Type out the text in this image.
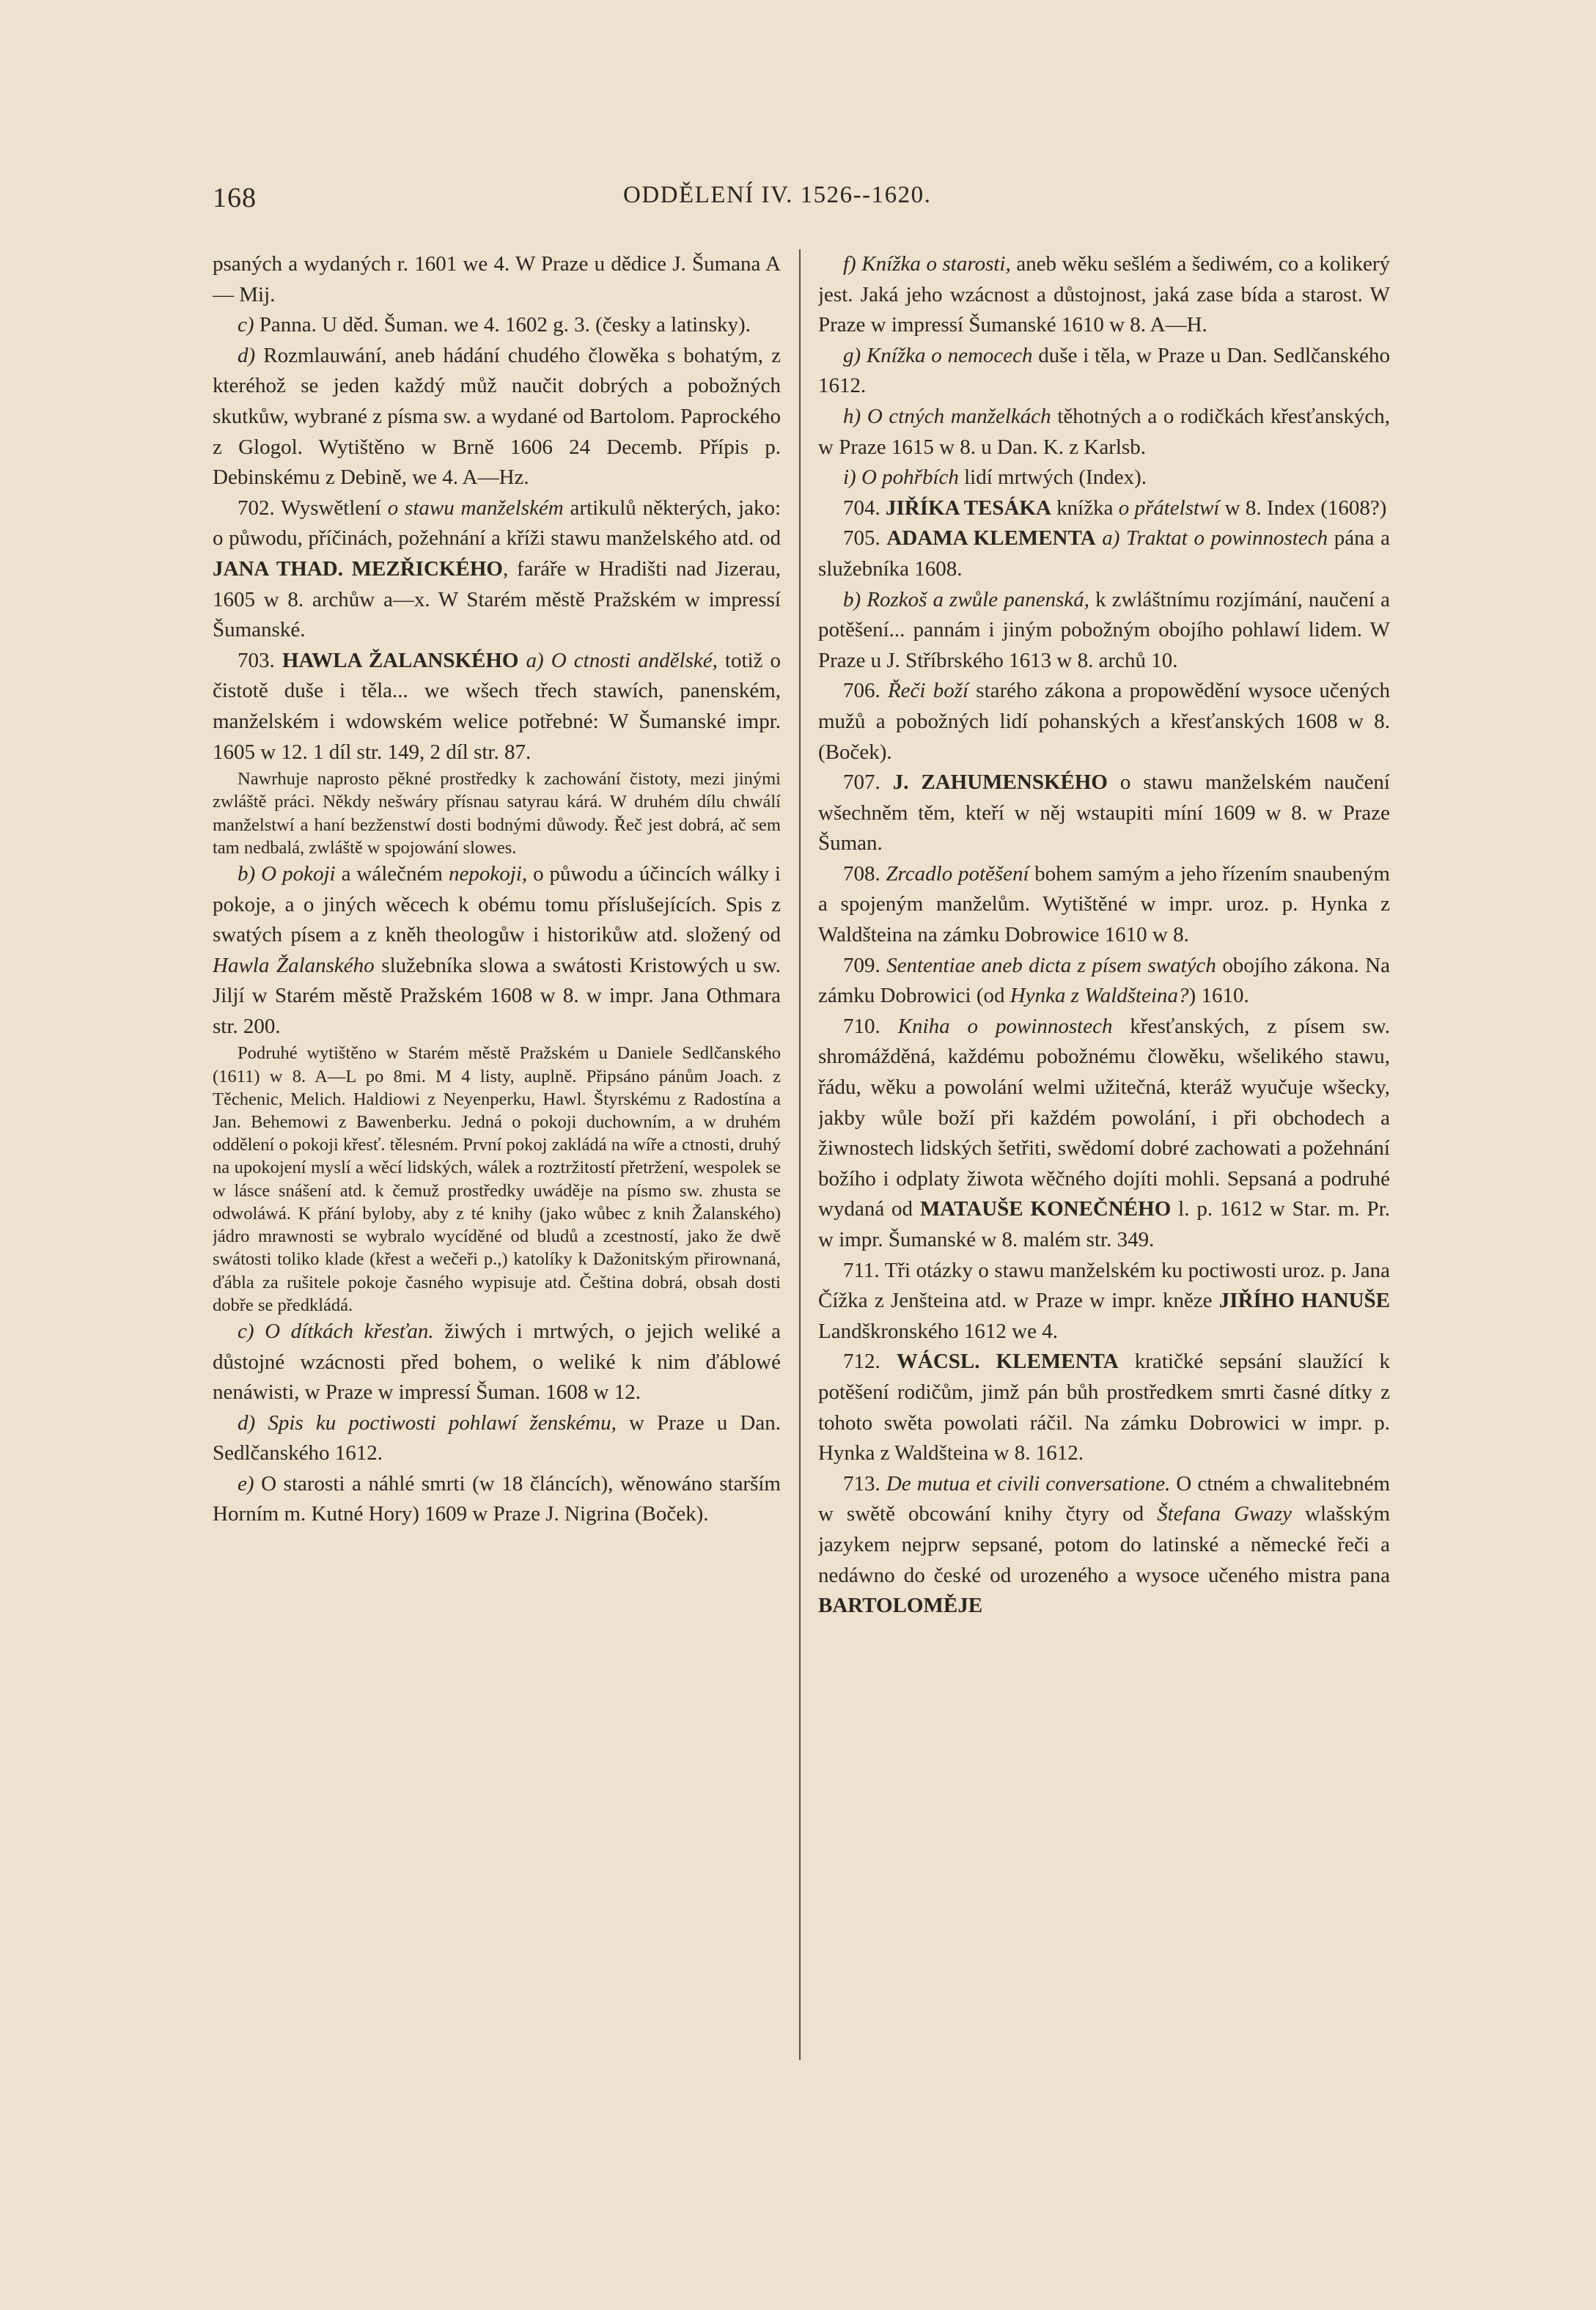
168	ODDĚLENÍ IV. 1526--1620.

psaných a wydaných r. 1601 we 4. W Praze u dědice J. Šumana A — Mij.

c) Panna. U děd. Šuman. we 4. 1602 g. 3. (česky a latinsky).

d) Rozmlauwání, aneb hádání chudého člowěka s bohatým, z kteréhož se jeden každý můž naučit dobrých a pobožných skutkůw, wybrané z písma sw. a wydané od Bartolom. Paprockého z Glogol. Wytištěno w Brně 1606 24 Decemb. Přípis p. Debinskému z Debině, we 4. A—Hz.

702. Wyswětlení o stawu manželském artikulů některých, jako: o půwodu, příčinách, požehnání a kříži stawu manželského atd. od JANA THAD. MEZŘICKÉHO, faráře w Hradišti nad Jizerau, 1605 w 8. archůw a—x. W Starém městě Pražském w impressí Šumanské.

703. HAWLA ŽALANSKÉHO a) O ctnosti andělské, totiž o čistotě duše i těla... we wšech třech stawích, panenském, manželském i wdowském welice potřebné: W Šumanské impr. 1605 w 12. 1 díl str. 149, 2 díl str. 87.

Nawrhuje naprosto pěkné prostředky k zachowání čistoty, mezi jinými zwláště práci. Někdy nešwáry přísnau satyrau kárá. W druhém dílu chwálí manželstwí a haní bezženstwí dosti bodnými důwody. Řeč jest dobrá, ač sem tam nedbalá, zwláště w spojowání slowes.

b) O pokoji a wálečném nepokoji, o půwodu a účincích wálky i pokoje, a o jiných wěcech k obému tomu příslušejících. Spis z swatých písem a z kněh theologůw i historikůw atd. složený od Hawla Žalanského služebníka slowa a swátosti Kristowých u sw. Jiljí w Starém městě Pražském 1608 w 8. w impr. Jana Othmara str. 200.

Podruhé wytištěno w Starém městě Pražském u Daniele Sedlčanského (1611) w 8. A—L po 8mi. M 4 listy, auplně. Připsáno pánům Joach. z Těchenic, Melich. Haldiowi z Neyenperku, Hawl. Štyrskému z Radostína a Jan. Behemowi z Bawenberku. Jedná o pokoji duchowním, a w druhém oddělení o pokoji křesť. tělesném. První pokoj zakládá na wíře a ctnosti, druhý na upokojení myslí a wěcí lidských, wálek a roztržitostí přetržení, wespolek se w lásce snášení atd. k čemuž prostředky uwáděje na písmo sw. zhusta se odwoláwá. K přání byloby, aby z té knihy (jako wůbec z knih Žalanského) jádro mrawnosti se wybralo wycíděné od bludů a zcestností, jako že dwě swátosti toliko klade (křest a wečeři p.,) katolíky k Dažonitským přirownaná, ďábla za rušitele pokoje časného wypisuje atd. Čeština dobrá, obsah dosti dobře se předkládá.

c) O dítkách křesťan. žiwých i mrtwých, o jejich weliké a důstojné wzácnosti před bohem, o weliké k nim ďáblowé nenáwisti, w Praze w impressí Šuman. 1608 w 12.

d) Spis ku poctiwosti pohlawí ženskému, w Praze u Dan. Sedlčanského 1612.

e) O starosti a náhlé smrti (w 18 článcích), wěnowáno starším Horním m. Kutné Hory) 1609 w Praze J. Nigrina (Boček).

f) Knížka o starosti, aneb wěku sešlém a šediwém, co a kolikerý jest. Jaká jeho wzácnost a důstojnost, jaká zase bída a starost. W Praze w impressí Šumanské 1610 w 8. A—H.

g) Knížka o nemocech duše i těla, w Praze u Dan. Sedlčanského 1612.

h) O ctných manželkách těhotných a o rodičkách křesťanských, w Praze 1615 w 8. u Dan. K. z Karlsb.

i) O pohřbích lidí mrtwých (Index).

704. JIŘÍKA TESÁKA knížka o přátelstwí w 8. Index (1608?)

705. ADAMA KLEMENTA a) Traktat o powinnostech pána a služebníka 1608.

b) Rozkoš a zwůle panenská, k zwláštnímu rozjímání, naučení a potěšení... pannám i jiným pobožným obojího pohlawí lidem. W Praze u J. Stříbrského 1613 w 8. archů 10.

706. Řeči boží starého zákona a propowědění wysoce učených mužů a pobožných lidí pohanských a křesťanských 1608 w 8. (Boček).

707. J. ZAHUMENSKÉHO o stawu manželském naučení wšechněm těm, kteří w něj wstaupiti míní 1609 w 8. w Praze Šuman.

708. Zrcadlo potěšení bohem samým a jeho řízením snaubeným a spojeným manželům. Wytištěné w impr. uroz. p. Hynka z Waldšteina na zámku Dobrowice 1610 w 8.

709. Sententiae aneb dicta z písem swatých obojího zákona. Na zámku Dobrowici (od Hynka z Waldšteina?) 1610.

710. Kniha o powinnostech křesťanských, z písem sw. shromážděná, každému pobožnému člowěku, wšelikého stawu, řádu, wěku a powolání welmi užitečná, kteráž wyučuje wšecky, jakby wůle boží při každém powolání, i při obchodech a žiwnostech lidských šetřiti, swědomí dobré zachowati a požehnání božího i odplaty žiwota wěčného dojíti mohli. Sepsaná a podruhé wydaná od MATAUŠE KONEČNÉHO l. p. 1612 w Star. m. Pr. w impr. Šumanské w 8. malém str. 349.

711. Tři otázky o stawu manželském ku poctiwosti uroz. p. Jana Čížka z Jenšteina atd. w Praze w impr. kněze JIŘÍHO HANUŠE Landškronského 1612 we 4.

712. WÁCSL. KLEMENTA kratičké sepsání slaužící k potěšení rodičům, jimž pán bůh prostředkem smrti časné dítky z tohoto swěta powolati ráčil. Na zámku Dobrowici w impr. p. Hynka z Waldšteina w 8. 1612.

713. De mutua et civili conversatione. O ctném a chwalitebném w swětě obcowání knihy čtyry od Štefana Gwazy wlašským jazykem nejprw sepsané, potom do latinské a německé řeči a nedáwno do české od urozeného a wysoce učeného mistra pana BARTOLOMĚJE
